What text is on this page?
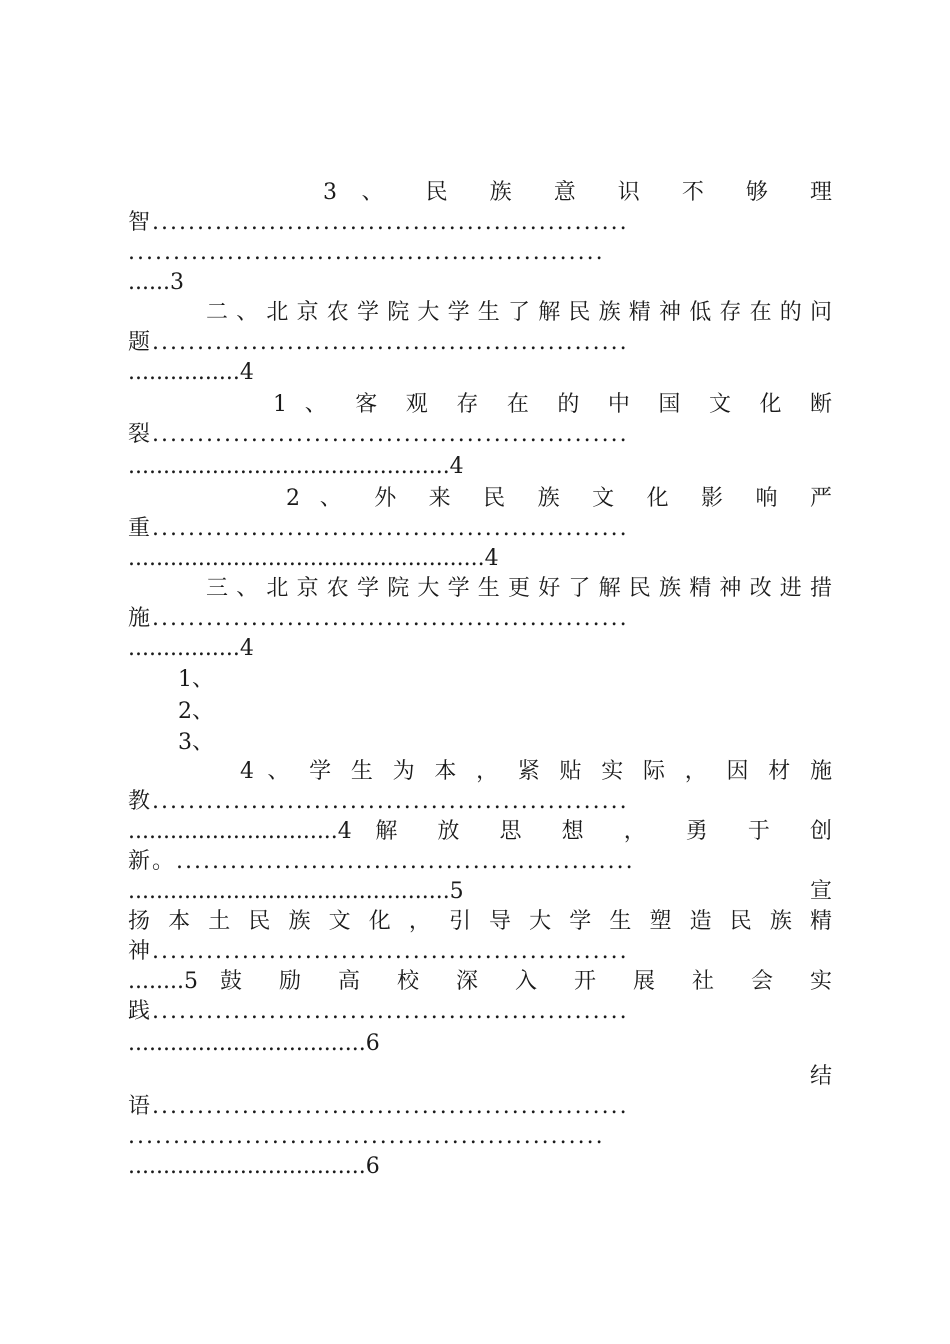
3 、 民 族 意 识 不 够 理
智.....................................................
.....................................................
......3
二、北京农学院大学生了解民族精神低存在的问
题.....................................................
................4
1 、 客 观 存 在 的 中 国 文 化 断
裂.....................................................
..............................................4
2 、 外 来 民 族 文 化 影 响 严
重.....................................................
...................................................4
三、北京农学院大学生更好了解民族精神改进措
施.....................................................
................4
1、
2、
3、
4 、 学 生 为 本 ， 紧 贴 实 际 ， 因 材 施
教.....................................................
..............................4 解 放 思 想 ， 勇 于 创
新。...................................................
..............................................5 宣
扬 本 土 民 族 文 化 ， 引 导 大 学 生 塑 造 民 族 精
神.....................................................
........5 鼓 励 高 校 深 入 开 展 社 会 实
践.....................................................
..................................6
结
语.....................................................
.....................................................
..................................6
